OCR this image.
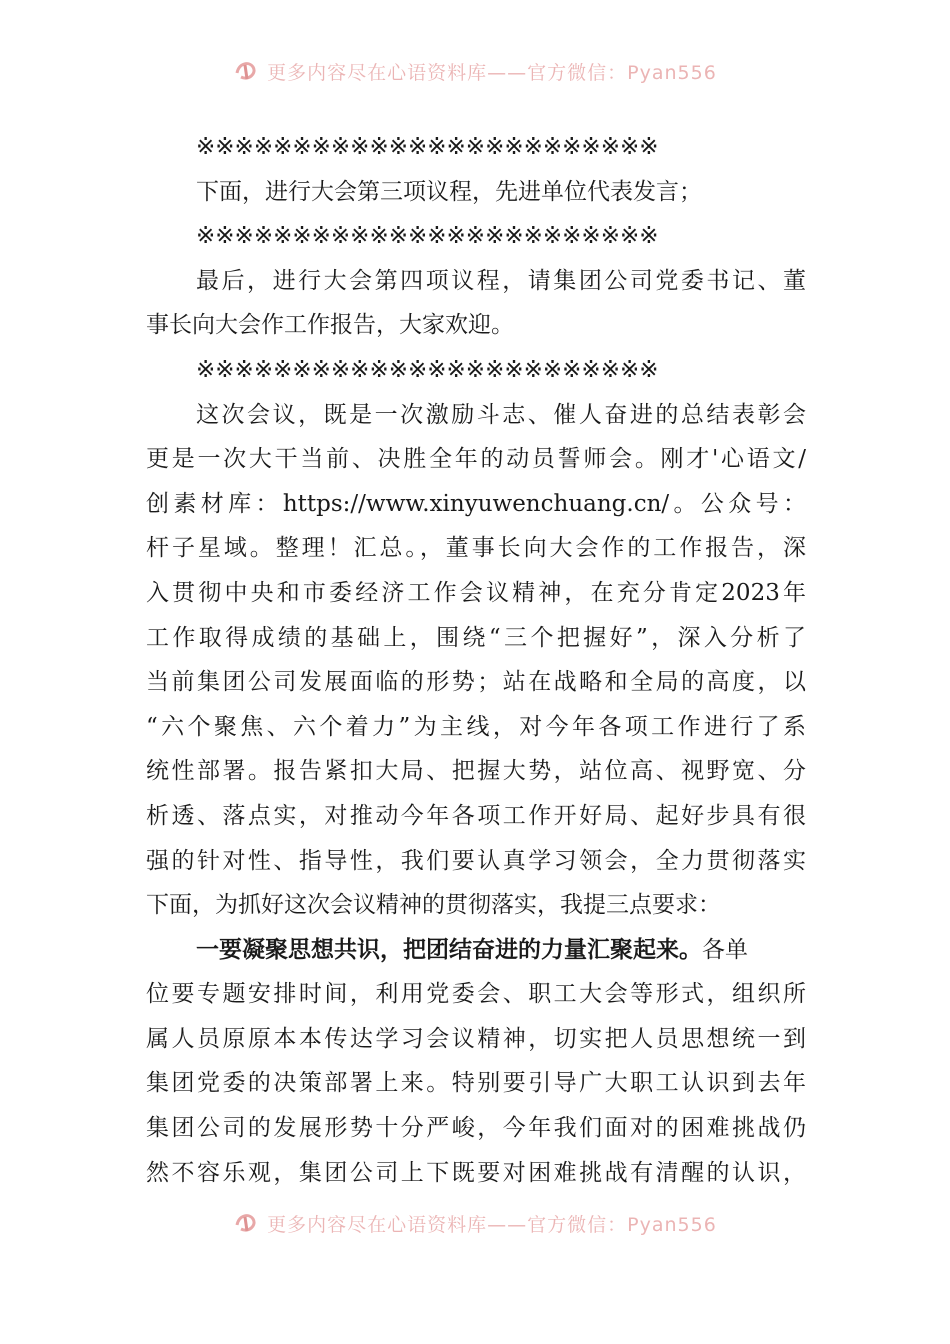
更多内容尽在心语资料库——官方微信：Pyan556
※※※※※※※※※※※※※※※※※※※※※※※※
下面，进行大会第三项议程，先进单位代表发言；
※※※※※※※※※※※※※※※※※※※※※※※※
最后，进行大会第四项议程，请集团公司党委书记、董
事长向大会作工作报告，大家欢迎。
※※※※※※※※※※※※※※※※※※※※※※※※
这次会议，既是一次激励斗志、催人奋进的总结表彰会
更是一次大干当前、决胜全年的动员誓师会。刚才'心语文/
创素材库：https://www.xinyuwenchuang.cn/。公众号：
杆子星域。整理！汇总。，董事长向大会作的工作报告，深
入贯彻中央和市委经济工作会议精神，在充分肯定2023年
工作取得成绩的基础上，围绕“三个把握好”，深入分析了
当前集团公司发展面临的形势；站在战略和全局的高度，以
“六个聚焦、六个着力”为主线，对今年各项工作进行了系
统性部署。报告紧扣大局、把握大势，站位高、视野宽、分
析透、落点实，对推动今年各项工作开好局、起好步具有很
强的针对性、指导性，我们要认真学习领会，全力贯彻落实
下面，为抓好这次会议精神的贯彻落实，我提三点要求：
一要凝聚思想共识，把团结奋进的力量汇聚起来。各单
位要专题安排时间，利用党委会、职工大会等形式，组织所
属人员原原本本传达学习会议精神，切实把人员思想统一到
集团党委的决策部署上来。特别要引导广大职工认识到去年
集团公司的发展形势十分严峻，今年我们面对的困难挑战仍
然不容乐观，集团公司上下既要对困难挑战有清醒的认识，
更多内容尽在心语资料库——官方微信：Pyan556
